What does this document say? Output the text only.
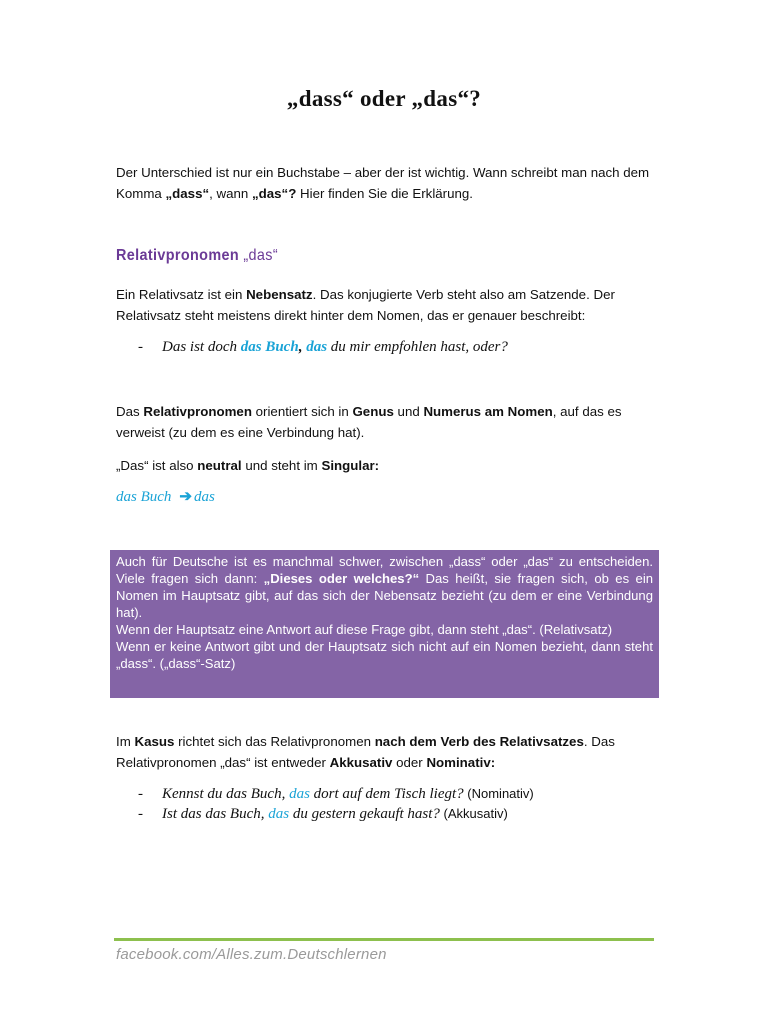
„dass“ oder „das“?
Der Unterschied ist nur ein Buchstabe – aber der ist wichtig. Wann schreibt man nach dem Komma „dass“, wann „das“? Hier finden Sie die Erklärung.
Relativpronomen „das“
Ein Relativsatz ist ein Nebensatz. Das konjugierte Verb steht also am Satzende. Der Relativsatz steht meistens direkt hinter dem Nomen, das er genauer beschreibt:
- Das ist doch das Buch, das du mir empfohlen hast, oder?
Das Relativpronomen orientiert sich in Genus und Numerus am Nomen, auf das es verweist (zu dem es eine Verbindung hat).
„Das“ ist also neutral und steht im Singular:
das Buch ➔ das
Auch für Deutsche ist es manchmal schwer, zwischen „dass“ oder „das“ zu entscheiden. Viele fragen sich dann: „Dieses oder welches?“ Das heißt, sie fragen sich, ob es ein Nomen im Hauptsatz gibt, auf das sich der Nebensatz bezieht (zu dem er eine Verbindung hat).
Wenn der Hauptsatz eine Antwort auf diese Frage gibt, dann steht „das“. (Relativsatz)
Wenn er keine Antwort gibt und der Hauptsatz sich nicht auf ein Nomen bezieht, dann steht „dass“. („dass“-Satz)
Im Kasus richtet sich das Relativpronomen nach dem Verb des Relativsatzes. Das Relativpronomen „das“ ist entweder Akkusativ oder Nominativ:
- Kennst du das Buch, das dort auf dem Tisch liegt? (Nominativ)
- Ist das das Buch, das du gestern gekauft hast? (Akkusativ)
facebook.com/Alles.zum.Deutschlernen
